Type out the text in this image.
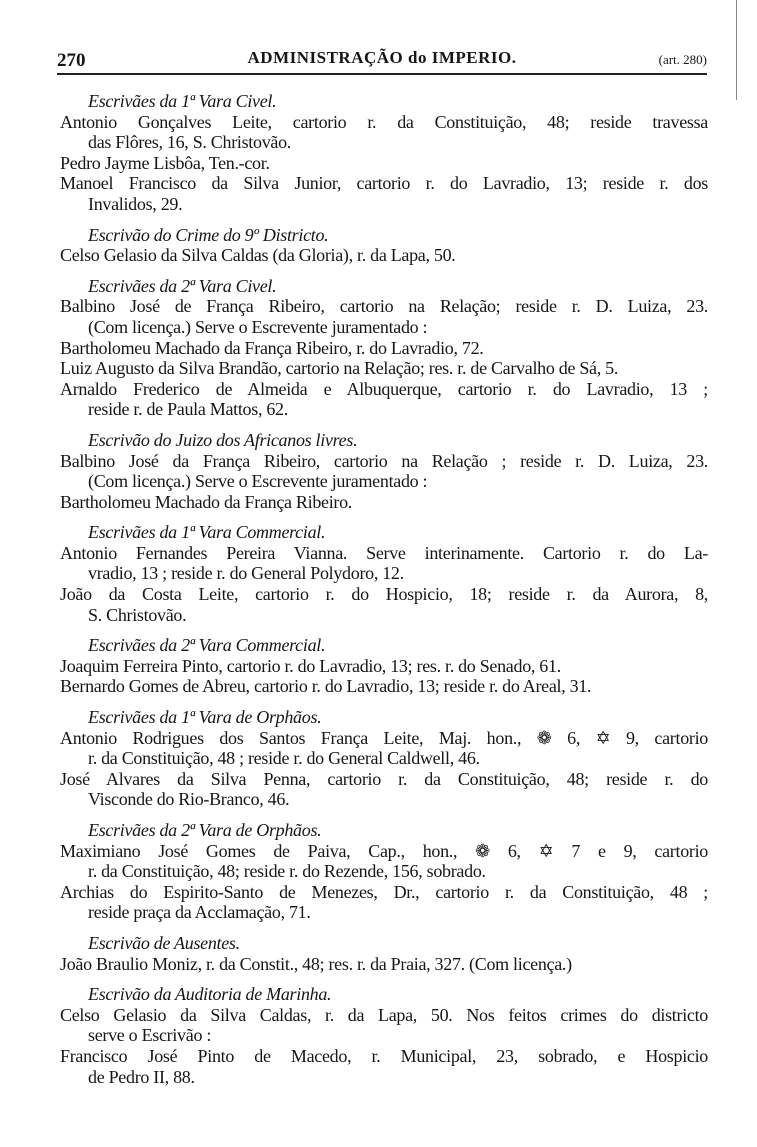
270	ADMINISTRAÇÃO do IMPERIO.	(art. 280)
Escrivães da 1ª Vara Civel.
Antonio Gonçalves Leite, cartorio r. da Constituição, 48; reside travessa
das Flôres, 16, S. Christovão.
Pedro Jayme Lisbôa, Ten.-cor.
Manoel Francisco da Silva Junior, cartorio r. do Lavradio, 13; reside r. dos
Invalidos, 29.
Escrivão do Crime do 9º Districto.
Celso Gelasio da Silva Caldas (da Gloria), r. da Lapa, 50.
Escrivães da 2ª Vara Civel.
Balbino José de França Ribeiro, cartorio na Relação; reside r. D. Luiza, 23.
(Com licença.) Serve o Escrevente juramentado :
Bartholomeu Machado da França Ribeiro, r. do Lavradio, 72.
Luiz Augusto da Silva Brandão, cartorio na Relação; res. r. de Carvalho de Sá, 5.
Arnaldo Frederico de Almeida e Albuquerque, cartorio r. do Lavradio, 13 ;
reside r. de Paula Mattos, 62.
Escrivão do Juizo dos Africanos livres.
Balbino José da França Ribeiro, cartorio na Relação ; reside r. D. Luiza, 23.
(Com licença.) Serve o Escrevente juramentado :
Bartholomeu Machado da França Ribeiro.
Escrivães da 1ª Vara Commercial.
Antonio Fernandes Pereira Vianna. Serve interinamente. Cartorio r. do La-
vradio, 13 ; reside r. do General Polydoro, 12.
João da Costa Leite, cartorio r. do Hospicio, 18; reside r. da Aurora, 8,
S. Christovão.
Escrivães da 2ª Vara Commercial.
Joaquim Ferreira Pinto, cartorio r. do Lavradio, 13; res. r. do Senado, 61.
Bernardo Gomes de Abreu, cartorio r. do Lavradio, 13; reside r. do Areal, 31.
Escrivães da 1ª Vara de Orphãos.
Antonio Rodrigues dos Santos França Leite, Maj. hon., ❁ 6, ✡ 9, cartorio
r. da Constituição, 48 ; reside r. do General Caldwell, 46.
José Alvares da Silva Penna, cartorio r. da Constituição, 48; reside r. do
Visconde do Rio-Branco, 46.
Escrivães da 2ª Vara de Orphãos.
Maximiano José Gomes de Paiva, Cap., hon., ❁ 6, ✡ 7 e 9, cartorio
r. da Constituição, 48; reside r. do Rezende, 156, sobrado.
Archias do Espirito-Santo de Menezes, Dr., cartorio r. da Constituição, 48 ;
reside praça da Acclamação, 71.
Escrivão de Ausentes.
João Braulio Moniz, r. da Constit., 48; res. r. da Praia, 327. (Com licença.)
Escrivão da Auditoria de Marinha.
Celso Gelasio da Silva Caldas, r. da Lapa, 50. Nos feitos crimes do districto
serve o Escrivão :
Francisco José Pinto de Macedo, r. Municipal, 23, sobrado, e Hospicio
de Pedro II, 88.
